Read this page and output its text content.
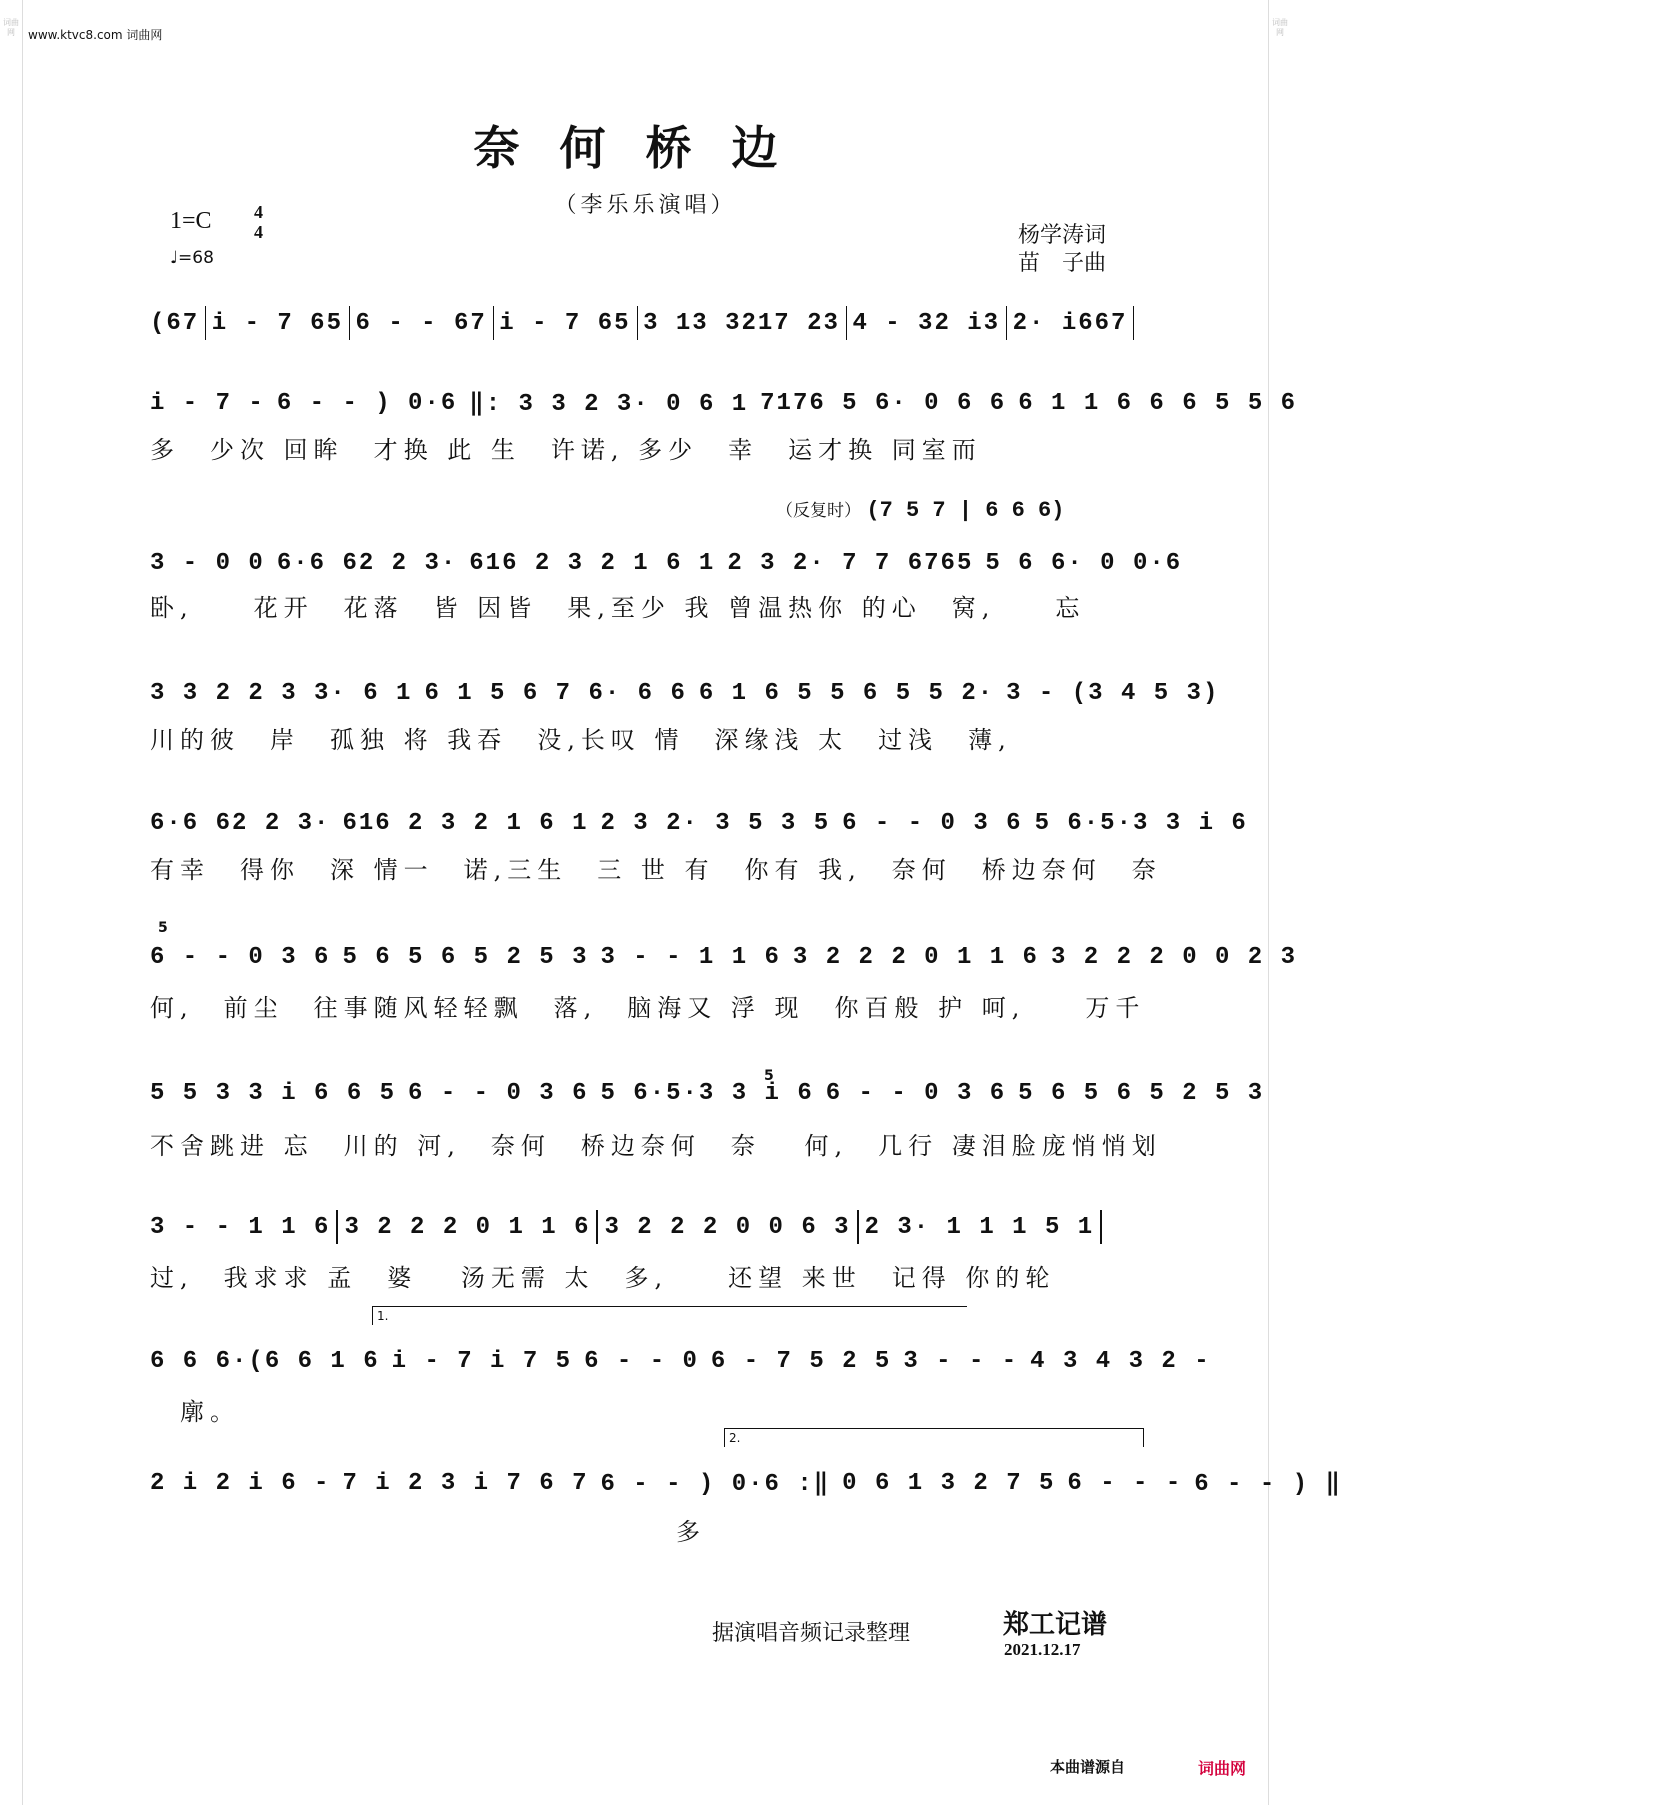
词曲网
词曲网
www.ktvc8.com 词曲网
奈何桥边
（李乐乐演唱）
1=C 4
4
♩=68
杨学涛词
苗　子曲
（反复时） (7 5 7 | 6 6 6)
5
5
1.
2.
(67 i - 7 65 6 - - 67 i - 7 65 3 13 3217 23 4 - 32 i3 2· i667
i - 7 - 6 - - ) 0·6 ‖: 3 3 2 3· 0 6 1 7176 5 6· 0 6 6 6 1 1 6 6 6 5 5 6
多　少次 回眸　才换 此 生　许诺, 多少　幸　运才换 同室而
3 - 0 0 6·6 62 2 3· 616 2 3 2 1 6 1 2 3 2· 7 7 6765 5 6 6· 0 0·6
卧,　　花开　花落　皆 因皆　果,至少 我 曾温热你 的心　窝,　　忘
3 3 2 2 3 3· 6 1 6 1 5 6 7 6· 6 6 6 1 6 5 5 6 5 5 2· 3 - (3 4 5 3)
川的彼　岸　孤独 将 我吞　没,长叹 情　深缘浅 太　过浅　薄,
6·6 62 2 3· 616 2 3 2 1 6 1 2 3 2· 3 5 3 5 6 - - 0 3 6 5 6·5·3 3 i 6
有幸　得你　深 情一　诺,三生　三 世 有　你有 我,　奈何　桥边奈何　奈
6 - - 0 3 6 5 6 5 6 5 2 5 3 3 - - 1 1 6 3 2 2 2 0 1 1 6 3 2 2 2 0 0 2 3
何,　前尘　往事随风轻轻飘　落,　脑海又 浮 现　你百般 护 呵,　　万千
5 5 3 3 i 6 6 5 6 - - 0 3 6 5 6·5·3 3 i 6 6 - - 0 3 6 5 6 5 6 5 2 5 3
不舍跳进 忘　川的 河,　奈何　桥边奈何　奈　 何,　几行 凄泪脸庞悄悄划
3 - - 1 1 6 3 2 2 2 0 1 1 6 3 2 2 2 0 0 6 3 2 3· 1 1 1 5 1
过,　我求求 孟　婆　 汤无需 太　多,　　还望 来世　记得 你的轮
6 6 6·(6 6 1 6 i - 7 i 7 5 6 - - 0 6 - 7 5 2 5 3 - - - 4 3 4 3 2 -
　廓。
2 i 2 i 6 - 7 i 2 3 i 7 6 7 6 - - ) 0·6 :‖ 0 6 1 3 2 7 5 6 - - - 6 - - ) ‖
多
据演唱音频记录整理	郑工记谱
2021.12.17
本曲谱源自	词曲网
